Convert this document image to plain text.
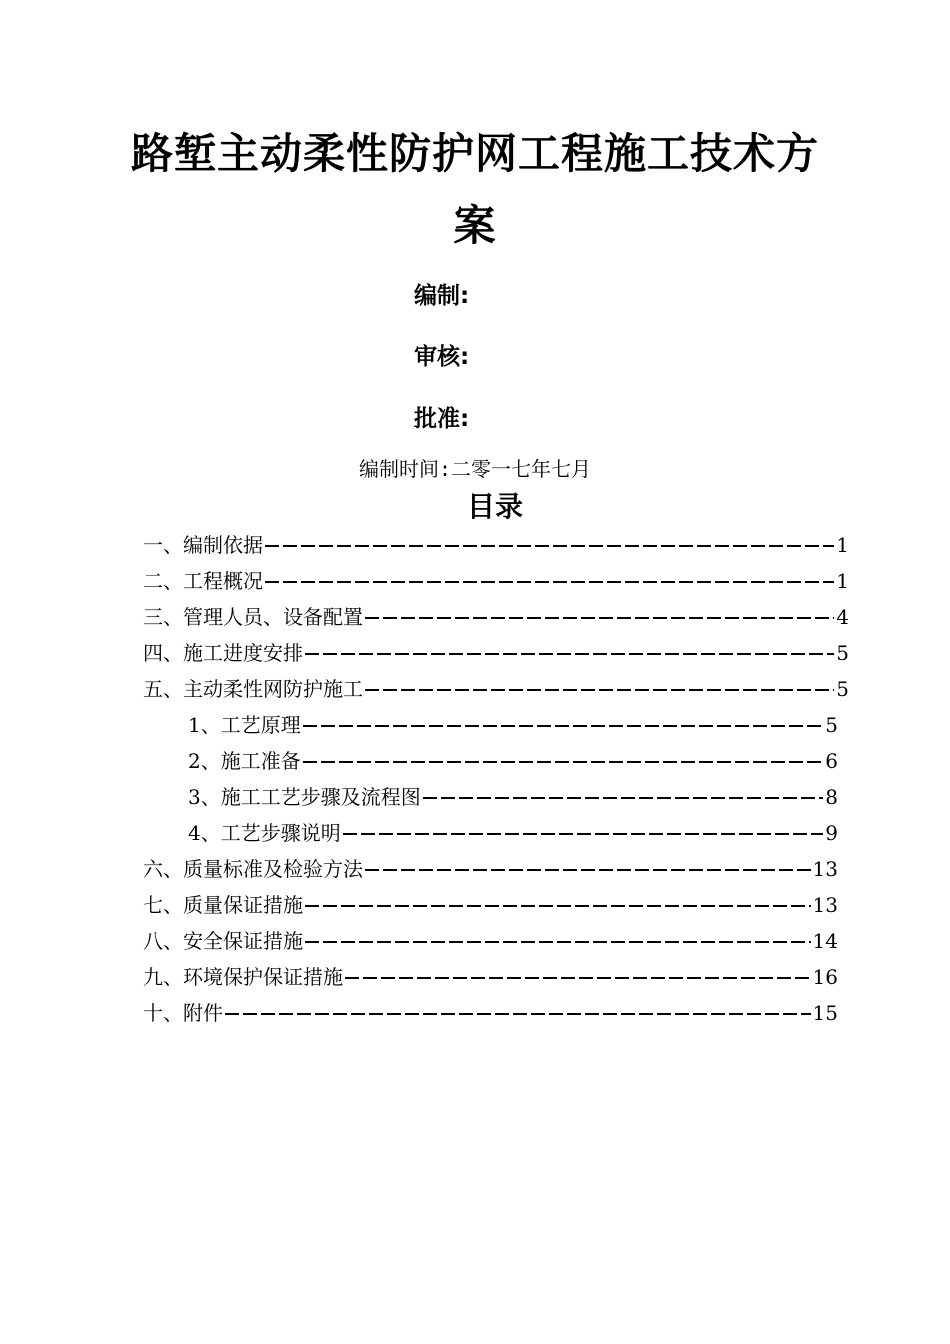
路堑主动柔性防护网工程施工技术方
案
编制:
审核:
批准:
编制时间:二零一七年七月
目录
一、编制依据	1
二、工程概况	1
三、管理人员、设备配置	4
四、施工进度安排	5
五、主动柔性网防护施工	5
1、工艺原理	5
2、施工准备	6
3、施工工艺步骤及流程图	8
4、工艺步骤说明	9
六、质量标准及检验方法	13
七、质量保证措施	13
八、安全保证措施	14
九、环境保护保证措施	16
十、附件	15
